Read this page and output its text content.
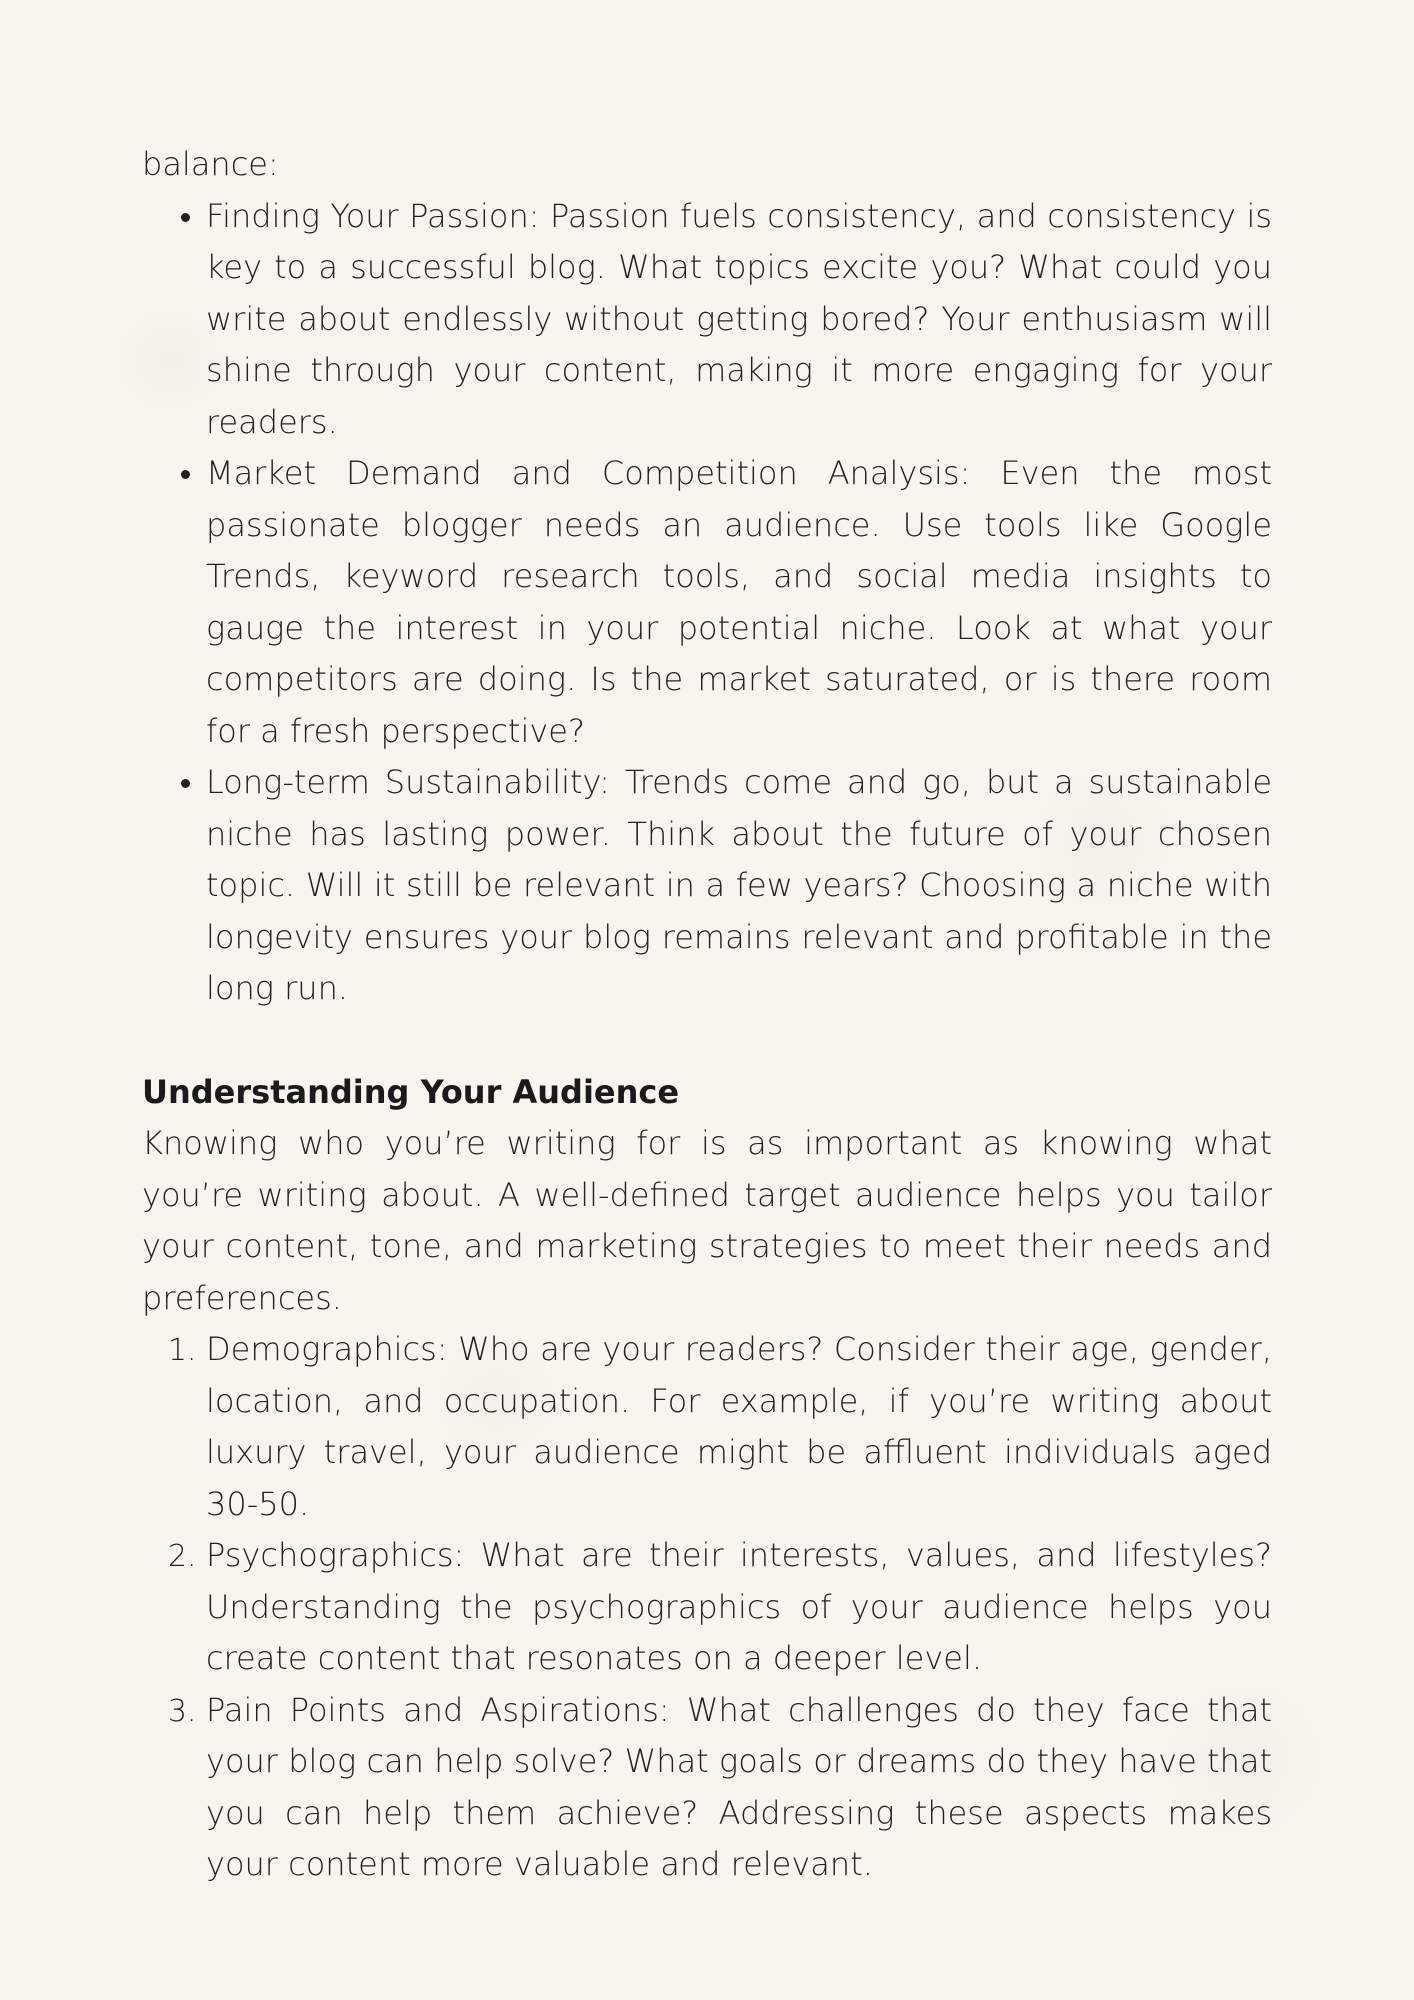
balance:

• Finding Your Passion: Passion fuels consistency, and consistency is key to a successful blog. What topics excite you? What could you write about endlessly without getting bored? Your enthusiasm will shine through your content, making it more engaging for your readers.
• Market Demand and Competition Analysis: Even the most passionate blogger needs an audience. Use tools like Google Trends, keyword research tools, and social media insights to gauge the interest in your potential niche. Look at what your competitors are doing. Is the market saturated, or is there room for a fresh perspective?
• Long-term Sustainability: Trends come and go, but a sustainable niche has lasting power. Think about the future of your chosen topic. Will it still be relevant in a few years? Choosing a niche with longevity ensures your blog remains relevant and profitable in the long run.

Understanding Your Audience

Knowing who you’re writing for is as important as knowing what you’re writing about. A well-defined target audience helps you tailor your content, tone, and marketing strategies to meet their needs and preferences.

1. Demographics: Who are your readers? Consider their age, gender, location, and occupation. For example, if you’re writing about luxury travel, your audience might be affluent individuals aged 30-50.
2. Psychographics: What are their interests, values, and lifestyles? Understanding the psychographics of your audience helps you create content that resonates on a deeper level.
3. Pain Points and Aspirations: What challenges do they face that your blog can help solve? What goals or dreams do they have that you can help them achieve? Addressing these aspects makes your content more valuable and relevant.
